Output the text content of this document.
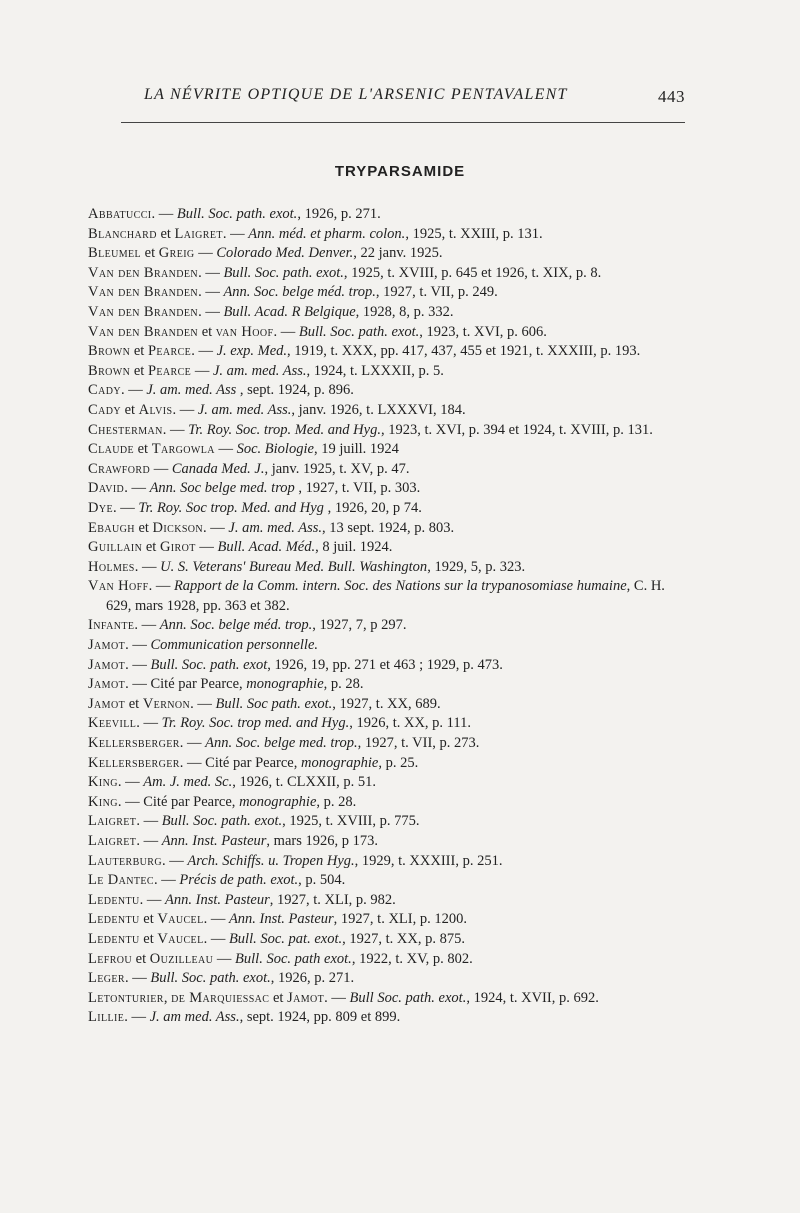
LA NÉVRITE OPTIQUE DE L'ARSENIC PENTAVALENT	443
TRYPARSAMIDE
Abbatucci. — Bull. Soc. path. exot., 1926, p. 271.
Blanchard et Laigret. — Ann. méd. et pharm. colon., 1925, t. XXIII, p. 131.
Bleumel et Greig — Colorado Med. Denver., 22 janv. 1925.
Van den Branden. — Bull. Soc. path. exot., 1925, t. XVIII, p. 645 et 1926, t. XIX, p. 8.
Van den Branden. — Ann. Soc. belge méd. trop., 1927, t. VII, p. 249.
Van den Branden. — Bull. Acad. R Belgique, 1928, 8, p. 332.
Van den Branden et van Hoof. — Bull. Soc. path. exot., 1923, t. XVI, p. 606.
Brown et Pearce. — J. exp. Med., 1919, t. XXX, pp. 417, 437, 455 et 1921, t. XXXIII, p. 193.
Brown et Pearce — J. am. med. Ass., 1924, t. LXXXII, p. 5.
Cady. — J. am. med. Ass , sept. 1924, p. 896.
Cady et Alvis. — J. am. med. Ass., janv. 1926, t. LXXXVI, 184.
Chesterman. — Tr. Roy. Soc. trop. Med. and Hyg., 1923, t. XVI, p. 394 et 1924, t. XVIII, p. 131.
Claude et Targowla — Soc. Biologie, 19 juill. 1924
Crawford — Canada Med. J., janv. 1925, t. XV, p. 47.
David. — Ann. Soc belge med. trop , 1927, t. VII, p. 303.
Dye. — Tr. Roy. Soc trop. Med. and Hyg , 1926, 20, p 74.
Ebaugh et Dickson. — J. am. med. Ass., 13 sept. 1924, p. 803.
Guillain et Girot — Bull. Acad. Méd., 8 juil. 1924.
Holmes. — U. S. Veterans' Bureau Med. Bull. Washington, 1929, 5, p. 323.
Van Hoff. — Rapport de la Comm. intern. Soc. des Nations sur la trypanosomiase humaine, C. H. 629, mars 1928, pp. 363 et 382.
Infante. — Ann. Soc. belge méd. trop., 1927, 7, p 297.
Jamot. — Communication personnelle.
Jamot. — Bull. Soc. path. exot, 1926, 19, pp. 271 et 463 ; 1929, p. 473.
Jamot. — Cité par Pearce, monographie, p. 28.
Jamot et Vernon. — Bull. Soc path. exot., 1927, t. XX, 689.
Keevill. — Tr. Roy. Soc. trop med. and Hyg., 1926, t. XX, p. 111.
Kellersberger. — Ann. Soc. belge med. trop., 1927, t. VII, p. 273.
Kellersberger. — Cité par Pearce, monographie, p. 25.
King. — Am. J. med. Sc., 1926, t. CLXXII, p. 51.
King. — Cité par Pearce, monographie, p. 28.
Laigret. — Bull. Soc. path. exot., 1925, t. XVIII, p. 775.
Laigret. — Ann. Inst. Pasteur, mars 1926, p 173.
Lauterburg. — Arch. Schiffs. u. Tropen Hyg., 1929, t. XXXIII, p. 251.
Le Dantec. — Précis de path. exot., p. 504.
Ledentu. — Ann. Inst. Pasteur, 1927, t. XLI, p. 982.
Ledentu et Vaucel. — Ann. Inst. Pasteur, 1927, t. XLI, p. 1200.
Ledentu et Vaucel. — Bull. Soc. pat. exot., 1927, t. XX, p. 875.
Lefrou et Ouzilleau — Bull. Soc. path exot., 1922, t. XV, p. 802.
Leger. — Bull. Soc. path. exot., 1926, p. 271.
Letonturier, de Marquiessac et Jamot. — Bull Soc. path. exot., 1924, t. XVII, p. 692.
Lillie. — J. am med. Ass., sept. 1924, pp. 809 et 899.
